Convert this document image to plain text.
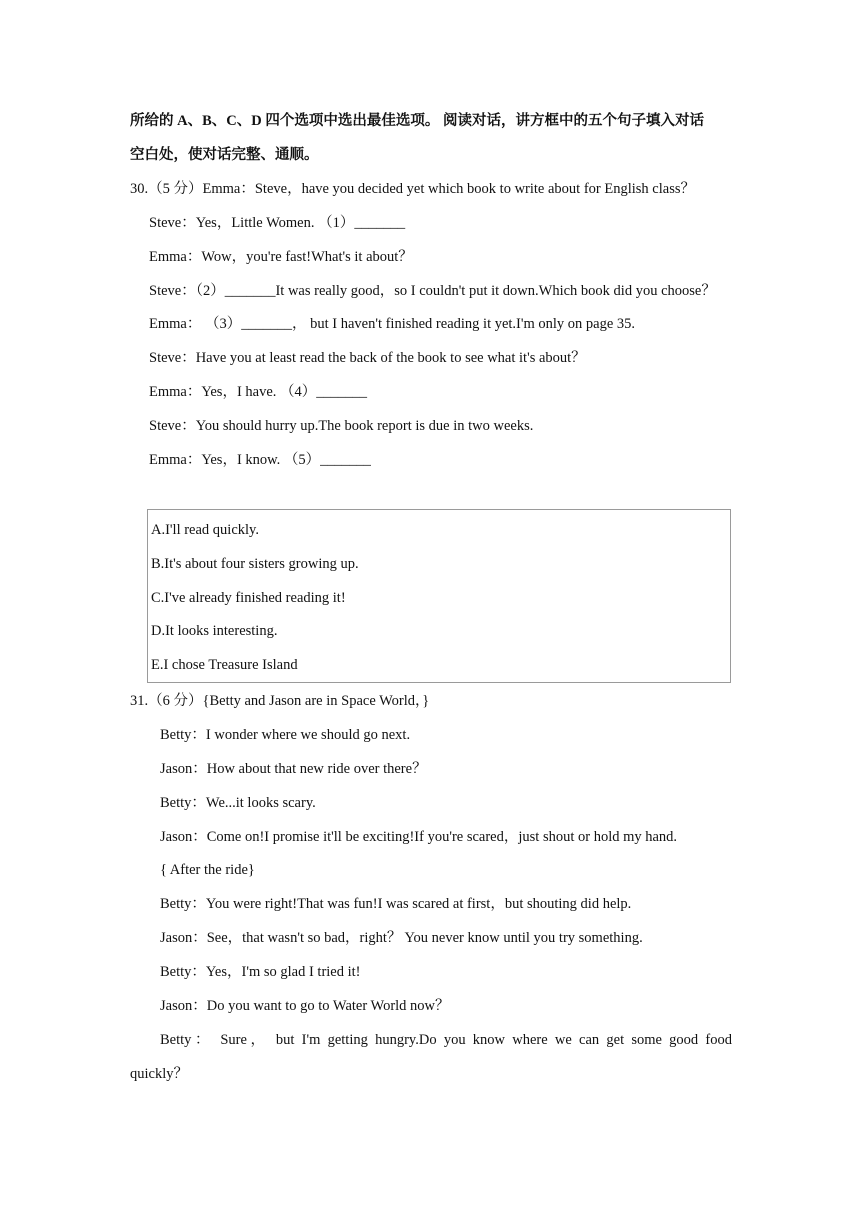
所给的 A、B、C、D 四个选项中选出最佳选项。 阅读对话，讲方框中的五个句子填入对话
空白处，使对话完整、通顺。
30.（5 分）Emma：Steve，have you decided yet which book to write about for English class？
Steve：Yes，Little Women. （1）_______
Emma：Wow，you're fast!What's it about？
Steve：（2）_______It was really good，so I couldn't put it down.Which book did you choose？
Emma： （3）_______， but I haven't finished reading it yet.I'm only on page 35.
Steve：Have you at least read the back of the book to see what it's about？
Emma：Yes，I have. （4）_______
Steve：You should hurry up.The book report is due in two weeks.
Emma：Yes，I know. （5）_______
A.I'll read quickly.
B.It's about four sisters growing up.
C.I've already finished reading it!
D.It looks interesting.
E.I chose Treasure Island
31.（6 分）{Betty and Jason are in Space World，}
Betty：I wonder where we should go next.
Jason：How about that new ride over there？
Betty：We...it looks scary.
Jason：Come on!I promise it'll be exciting!If you're scared，just shout or hold my hand.
{ After the ride}
Betty：You were right!That was fun!I was scared at first，but shouting did help.
Jason：See，that wasn't so bad，right？ You never know until you try something.
Betty：Yes，I'm so glad I tried it!
Jason：Do you want to go to Water World now？
Betty： Sure， but I'm getting hungry.Do you know where we can get some good food
quickly？
